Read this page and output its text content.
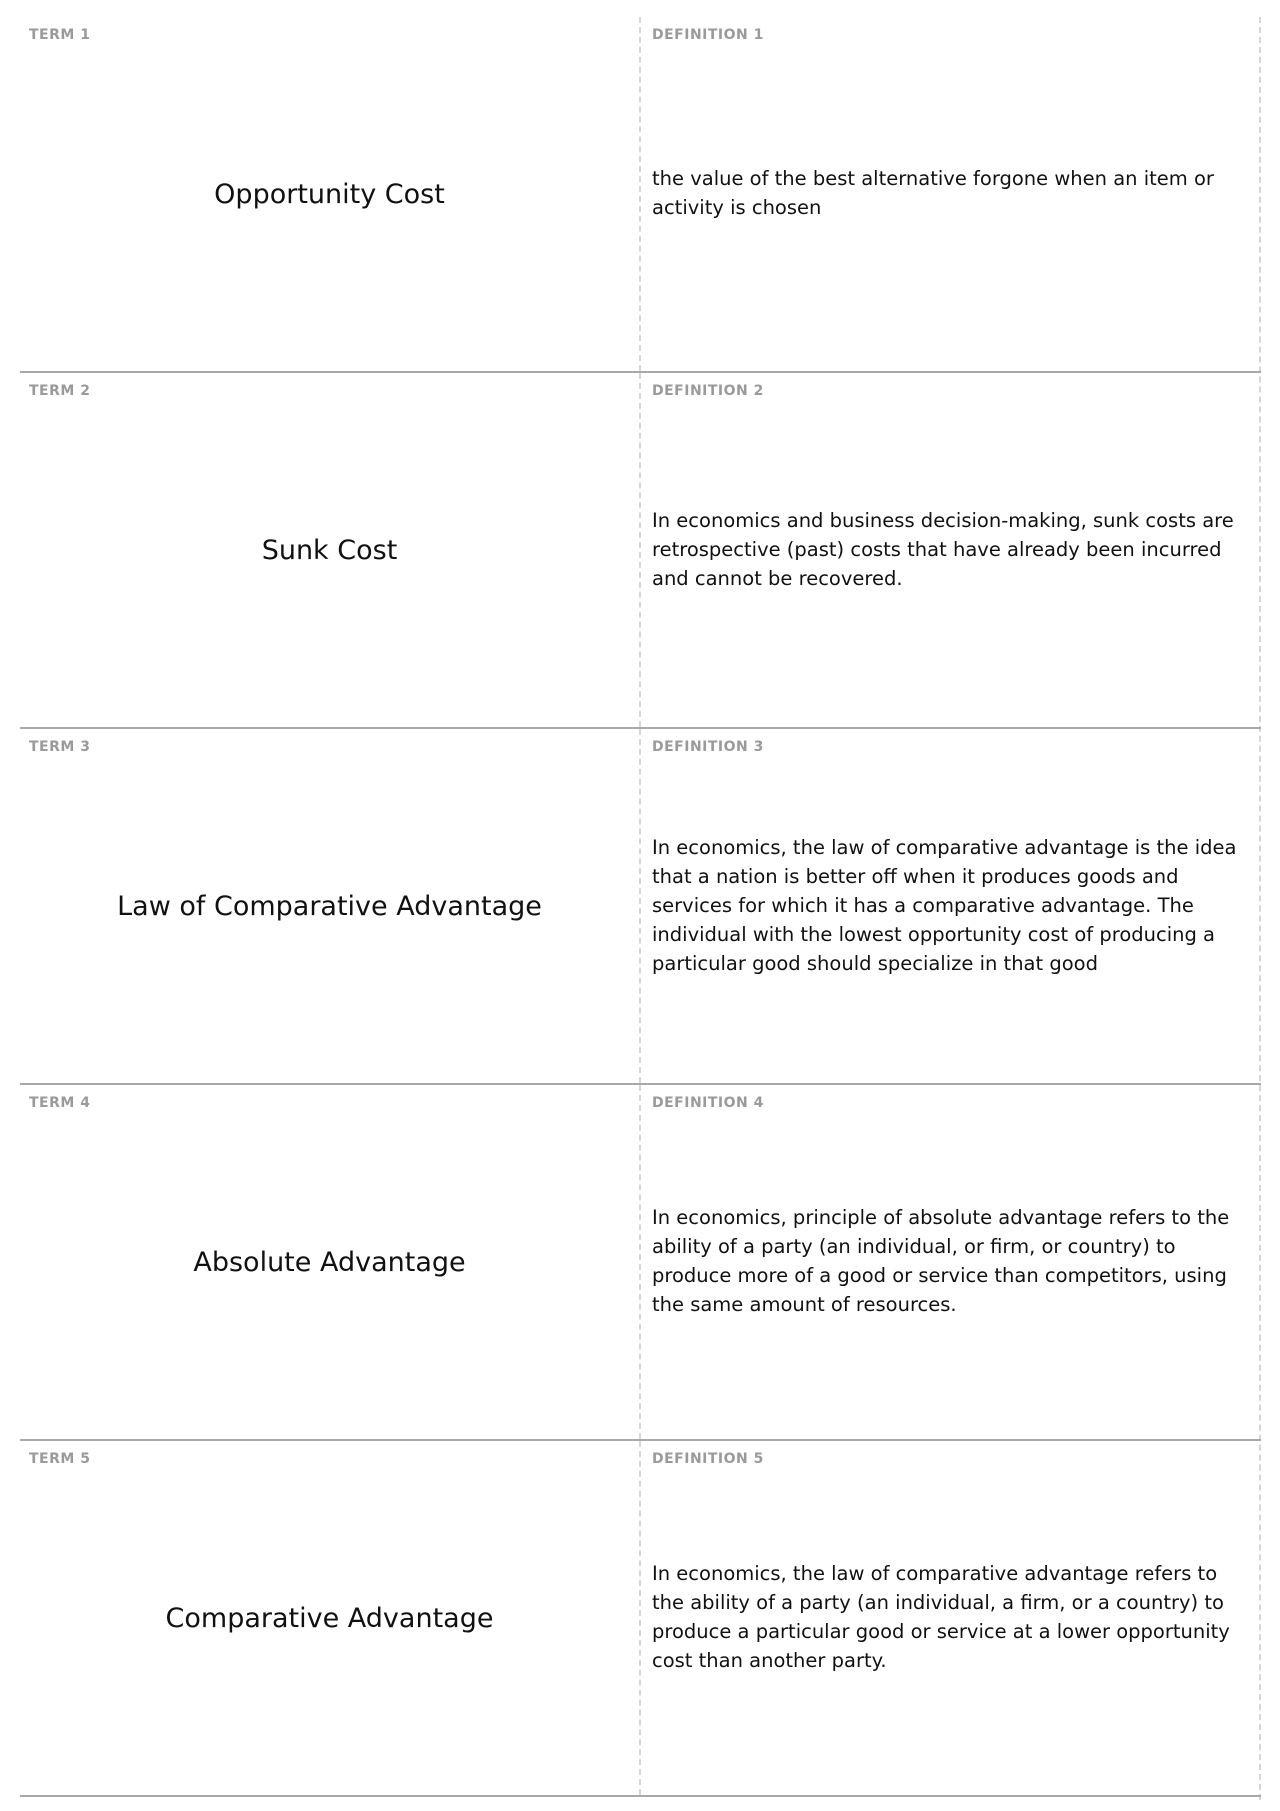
TERM 1
Opportunity Cost
DEFINITION 1

the value of the best alternative forgone when an item or activity is chosen

TERM 2
Sunk Cost
DEFINITION 2

In economics and business decision-making, sunk costs are retrospective (past) costs that have already been incurred and cannot be recovered.

TERM 3
Law of Comparative Advantage
DEFINITION 3

In economics, the law of comparative advantage is the idea that a nation is better off when it produces goods and services for which it has a comparative advantage. The individual with the lowest opportunity cost of producing a particular good should specialize in that good

TERM 4
Absolute Advantage
DEFINITION 4

In economics, principle of absolute advantage refers to the ability of a party (an individual, or firm, or country) to produce more of a good or service than competitors, using the same amount of resources.

TERM 5
Comparative Advantage
DEFINITION 5

In economics, the law of comparative advantage refers to the ability of a party (an individual, a firm, or a country) to produce a particular good or service at a lower opportunity cost than another party.
